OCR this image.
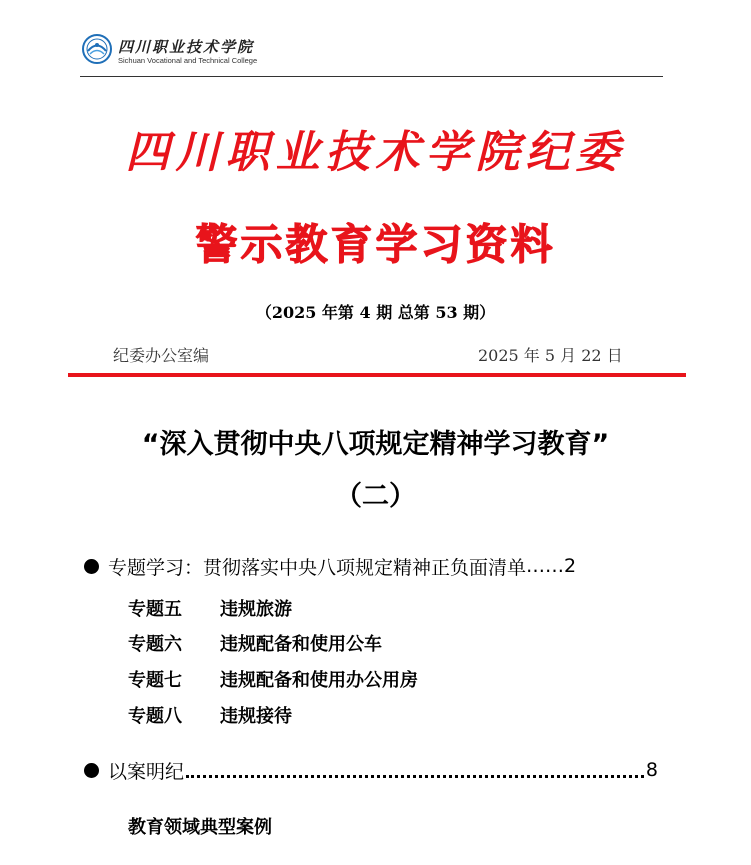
四川职业技术学院
Sichuan Vocational and Technical College
四川职业技术学院纪委
警示教育学习资料
（2025 年第 4 期 总第 53 期）
纪委办公室编	2025 年 5 月 22 日
“深入贯彻中央八项规定精神学习教育”
（二）
专题学习：贯彻落实中央八项规定精神正负面清单 …… 2
专题五 违规旅游
专题六 违规配备和使用公车
专题七 违规配备和使用办公用房
专题八 违规接待
以案明纪	8
教育领域典型案例
